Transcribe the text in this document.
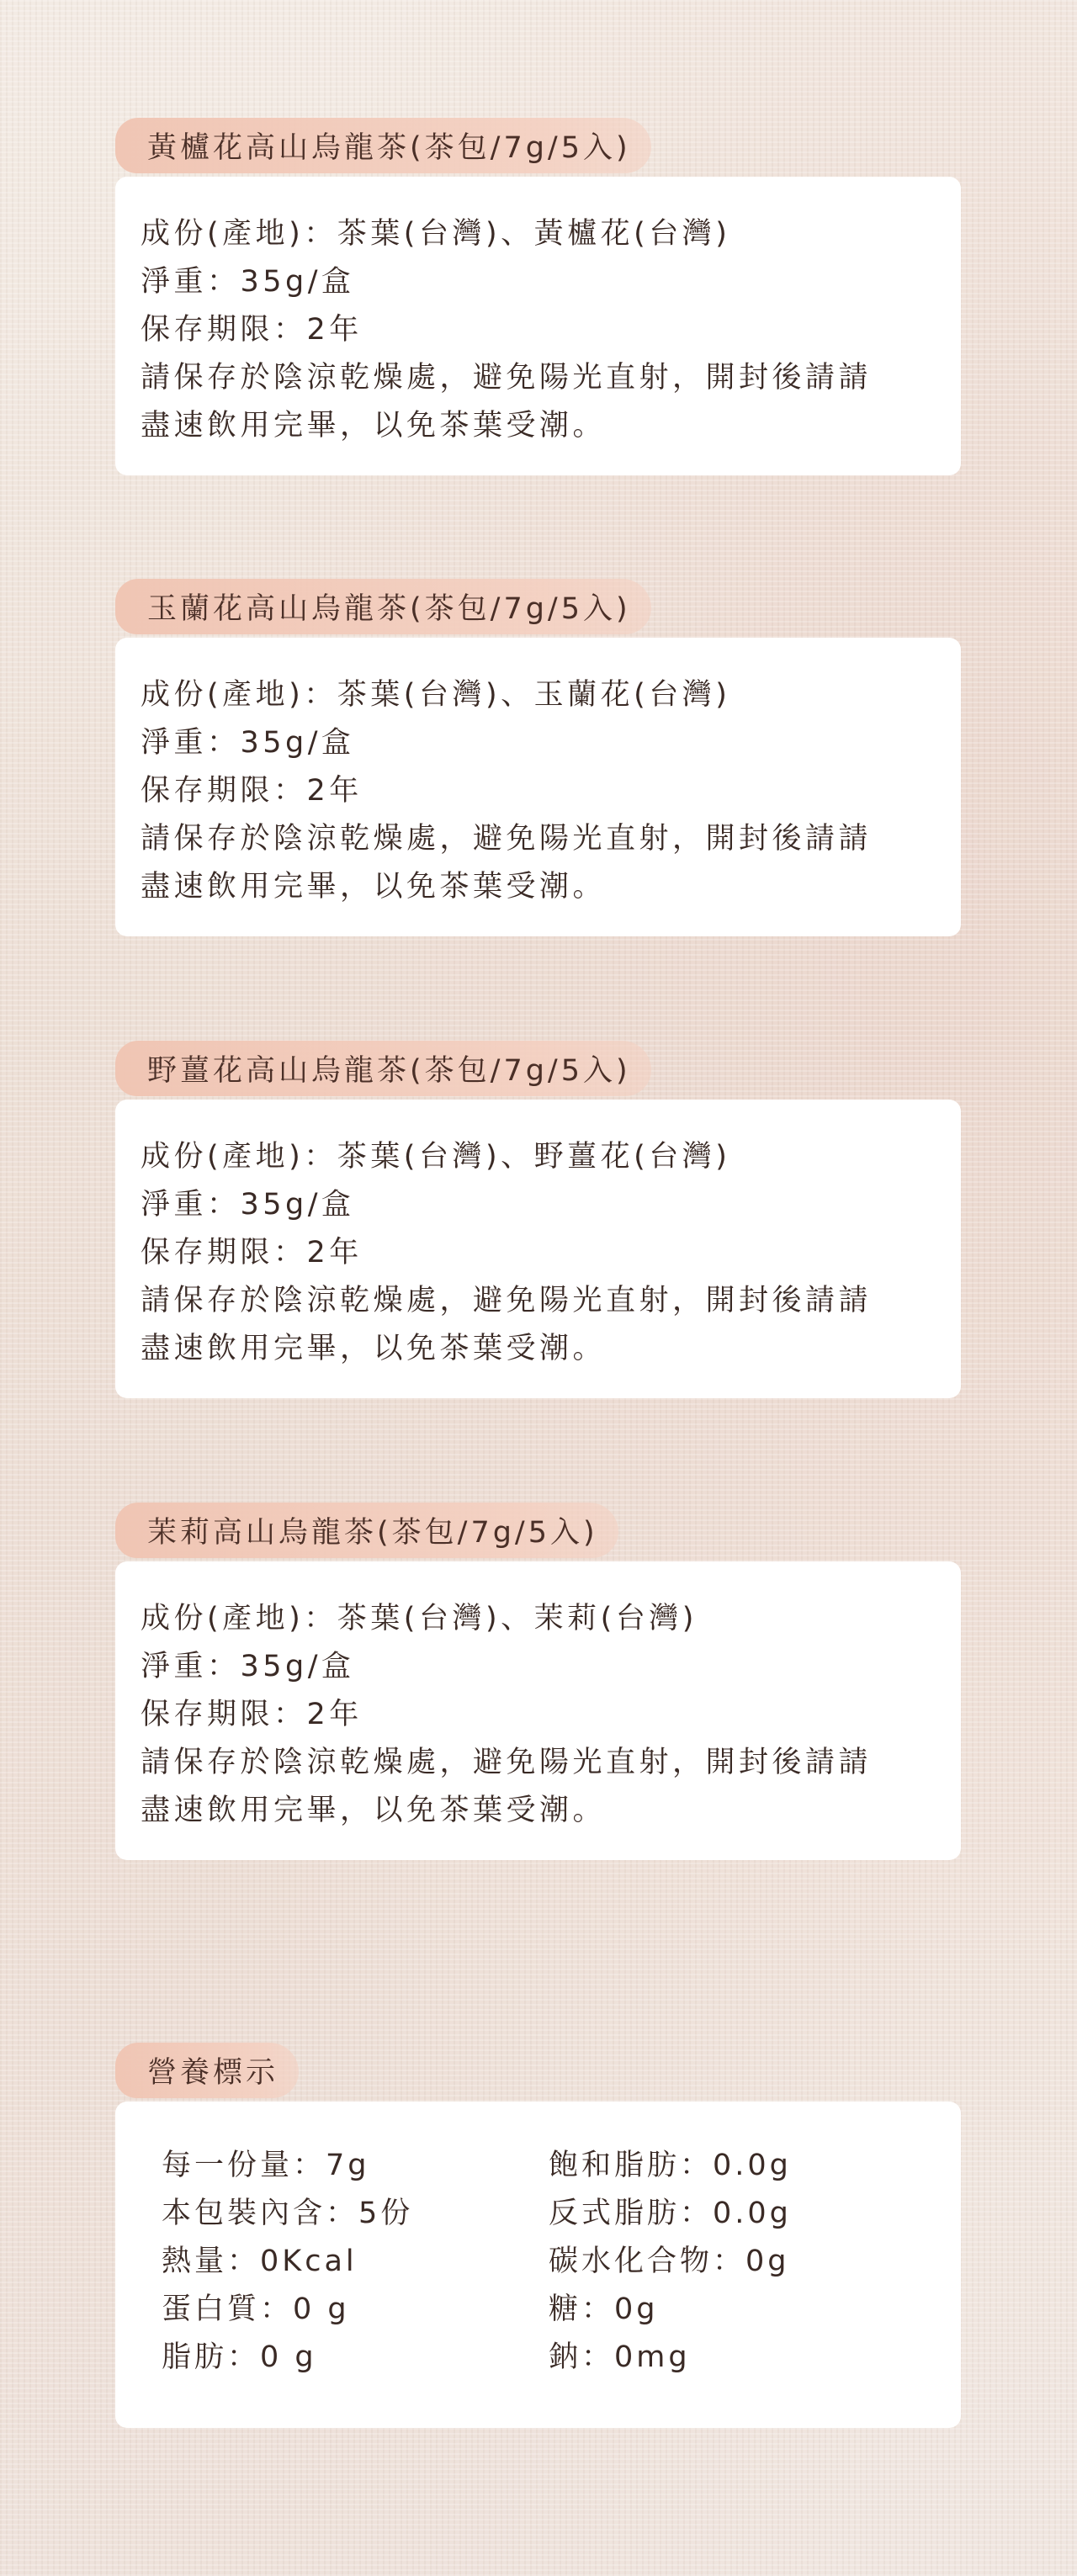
黃櫨花高山烏龍茶(茶包/7g/5入)
成份(產地)：茶葉(台灣)、黃櫨花(台灣)
淨重：35g/盒
保存期限：2年
請保存於陰涼乾燥處，避免陽光直射，開封後請請
盡速飲用完畢，以免茶葉受潮。
玉蘭花高山烏龍茶(茶包/7g/5入)
成份(產地)：茶葉(台灣)、玉蘭花(台灣)
淨重：35g/盒
保存期限：2年
請保存於陰涼乾燥處，避免陽光直射，開封後請請
盡速飲用完畢，以免茶葉受潮。
野薑花高山烏龍茶(茶包/7g/5入)
成份(產地)：茶葉(台灣)、野薑花(台灣)
淨重：35g/盒
保存期限：2年
請保存於陰涼乾燥處，避免陽光直射，開封後請請
盡速飲用完畢，以免茶葉受潮。
茉莉高山烏龍茶(茶包/7g/5入)
成份(產地)：茶葉(台灣)、茉莉(台灣)
淨重：35g/盒
保存期限：2年
請保存於陰涼乾燥處，避免陽光直射，開封後請請
盡速飲用完畢，以免茶葉受潮。
營養標示
每一份量：7g
本包裝內含：5份
熱量：0Kcal
蛋白質：0 g
脂肪：0 g
飽和脂肪：0.0g
反式脂肪：0.0g
碳水化合物：0g
糖：0g
鈉：0mg
